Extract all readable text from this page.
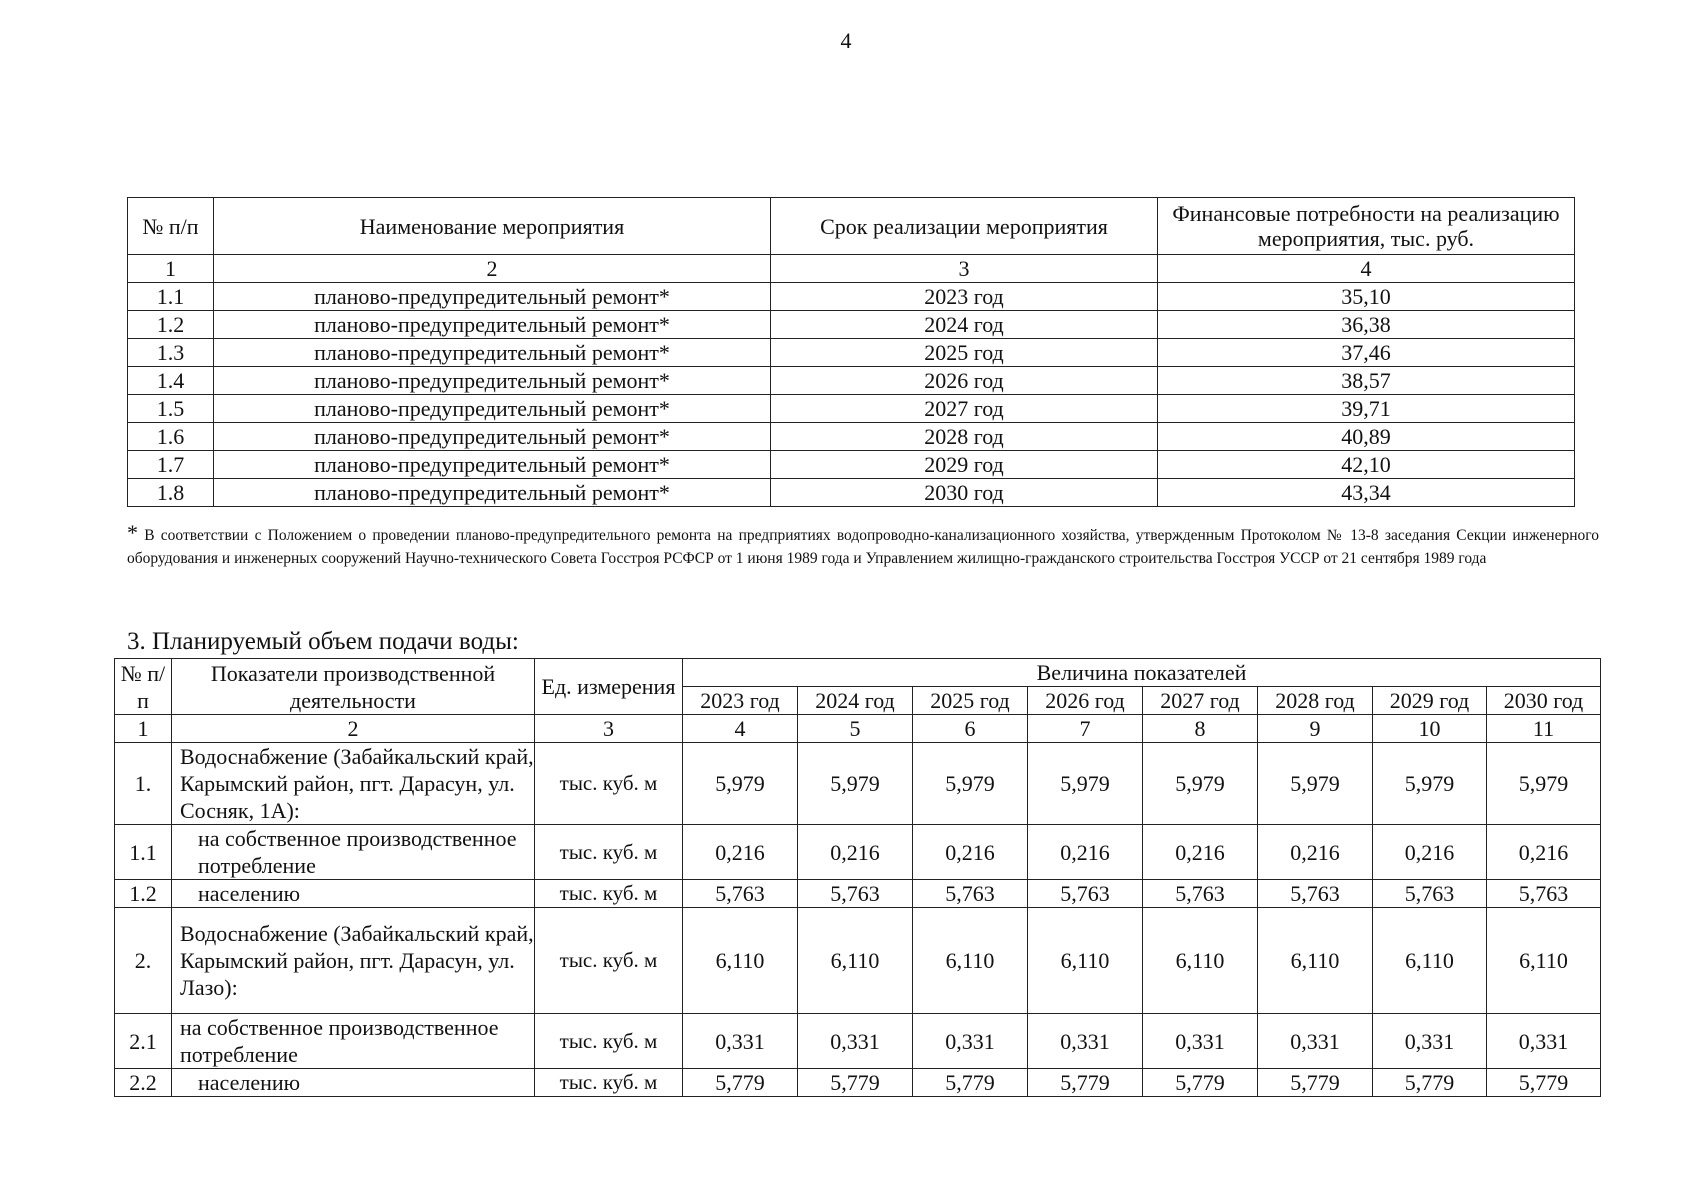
4
№ п/п	Наименование мероприятия	Срок реализации мероприятия	Финансовые потребности на реализацию мероприятия, тыс. руб.
1	2	3	4
1.1	планово-предупредительный ремонт*	2023 год	35,10
1.2	планово-предупредительный ремонт*	2024 год	36,38
1.3	планово-предупредительный ремонт*	2025 год	37,46
1.4	планово-предупредительный ремонт*	2026 год	38,57
1.5	планово-предупредительный ремонт*	2027 год	39,71
1.6	планово-предупредительный ремонт*	2028 год	40,89
1.7	планово-предупредительный ремонт*	2029 год	42,10
1.8	планово-предупредительный ремонт*	2030 год	43,34
* В соответствии с Положением о проведении планово-предупредительного ремонта на предприятиях водопроводно-канализационного хозяйства, утвержденным Протоколом № 13-8 заседания Секции инженерного оборудования и инженерных сооружений Научно-технического Совета Госстроя РСФСР от 1 июня 1989 года и Управлением жилищно-гражданского строительства Госстроя УССР от 21 сентября 1989 года
3. Планируемый объем подачи воды:
№ п/п	Показатели производственной деятельности	Ед. измерения	Величина показателей							
			2023 год	2024 год	2025 год	2026 год	2027 год	2028 год	2029 год	2030 год
1	2	3	4	5	6	7	8	9	10	11
1.	Водоснабжение (Забайкальский край, Карымский район, пгт. Дарасун, ул. Сосняк, 1А):	тыс. куб. м	5,979	5,979	5,979	5,979	5,979	5,979	5,979	5,979
1.1	на собственное производственное потребление	тыс. куб. м	0,216	0,216	0,216	0,216	0,216	0,216	0,216	0,216
1.2	населению	тыс. куб. м	5,763	5,763	5,763	5,763	5,763	5,763	5,763	5,763
2.	Водоснабжение (Забайкальский край, Карымский район, пгт. Дарасун, ул. Лазо):	тыс. куб. м	6,110	6,110	6,110	6,110	6,110	6,110	6,110	6,110
2.1	на собственное производственное потребление	тыс. куб. м	0,331	0,331	0,331	0,331	0,331	0,331	0,331	0,331
2.2	населению	тыс. куб. м	5,779	5,779	5,779	5,779	5,779	5,779	5,779	5,779
